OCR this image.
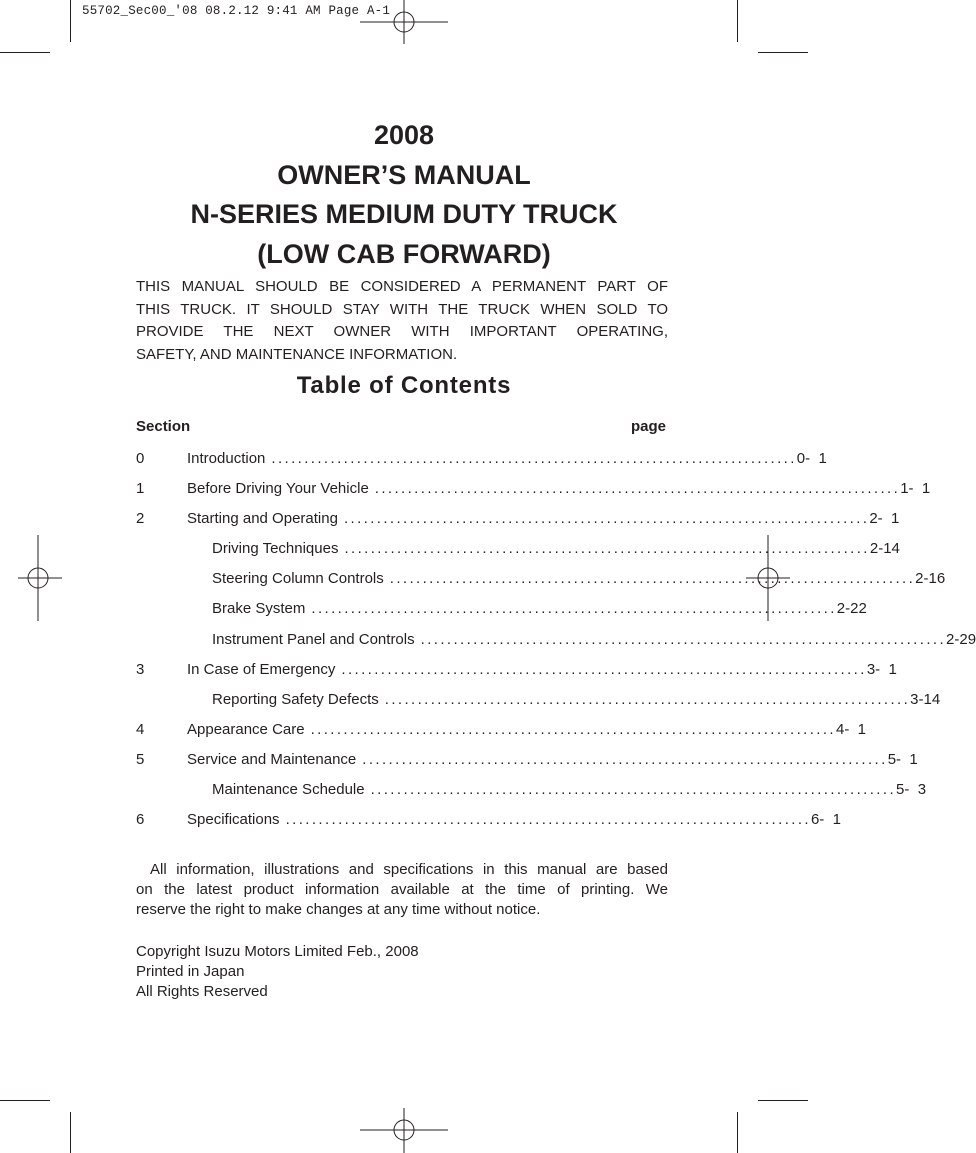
55702_Sec00_'08 08.2.12 9:41 AM Page A-1
2008
OWNER’S MANUAL
N-SERIES MEDIUM DUTY TRUCK
(LOW CAB FORWARD)
THIS MANUAL SHOULD BE CONSIDERED A PERMANENT PART OF
THIS TRUCK. IT SHOULD STAY WITH THE TRUCK WHEN SOLD TO
PROVIDE THE NEXT OWNER WITH IMPORTANT OPERATING,
SAFETY, AND MAINTENANCE INFORMATION.
Table of Contents
Section	page
0	Introduction ................................................................................ 0-  1
1	Before Driving Your Vehicle ................................................................................ 1-  1
2	Starting and Operating ................................................................................ 2-  1
Driving Techniques ................................................................................ 2-14
Steering Column Controls ................................................................................ 2-16
Brake System ................................................................................ 2-22
Instrument Panel and Controls ................................................................................ 2-29
3	In Case of Emergency ................................................................................ 3-  1
Reporting Safety Defects ................................................................................ 3-14
4	Appearance Care ................................................................................ 4-  1
5	Service and Maintenance ................................................................................ 5-  1
Maintenance Schedule ................................................................................ 5-  3
6	Specifications ................................................................................ 6-  1
All information, illustrations and specifications in this manual are based
on the latest product information available at the time of printing. We
reserve the right to make changes at any time without notice.
Copyright Isuzu Motors Limited Feb., 2008
Printed in Japan
All Rights Reserved
